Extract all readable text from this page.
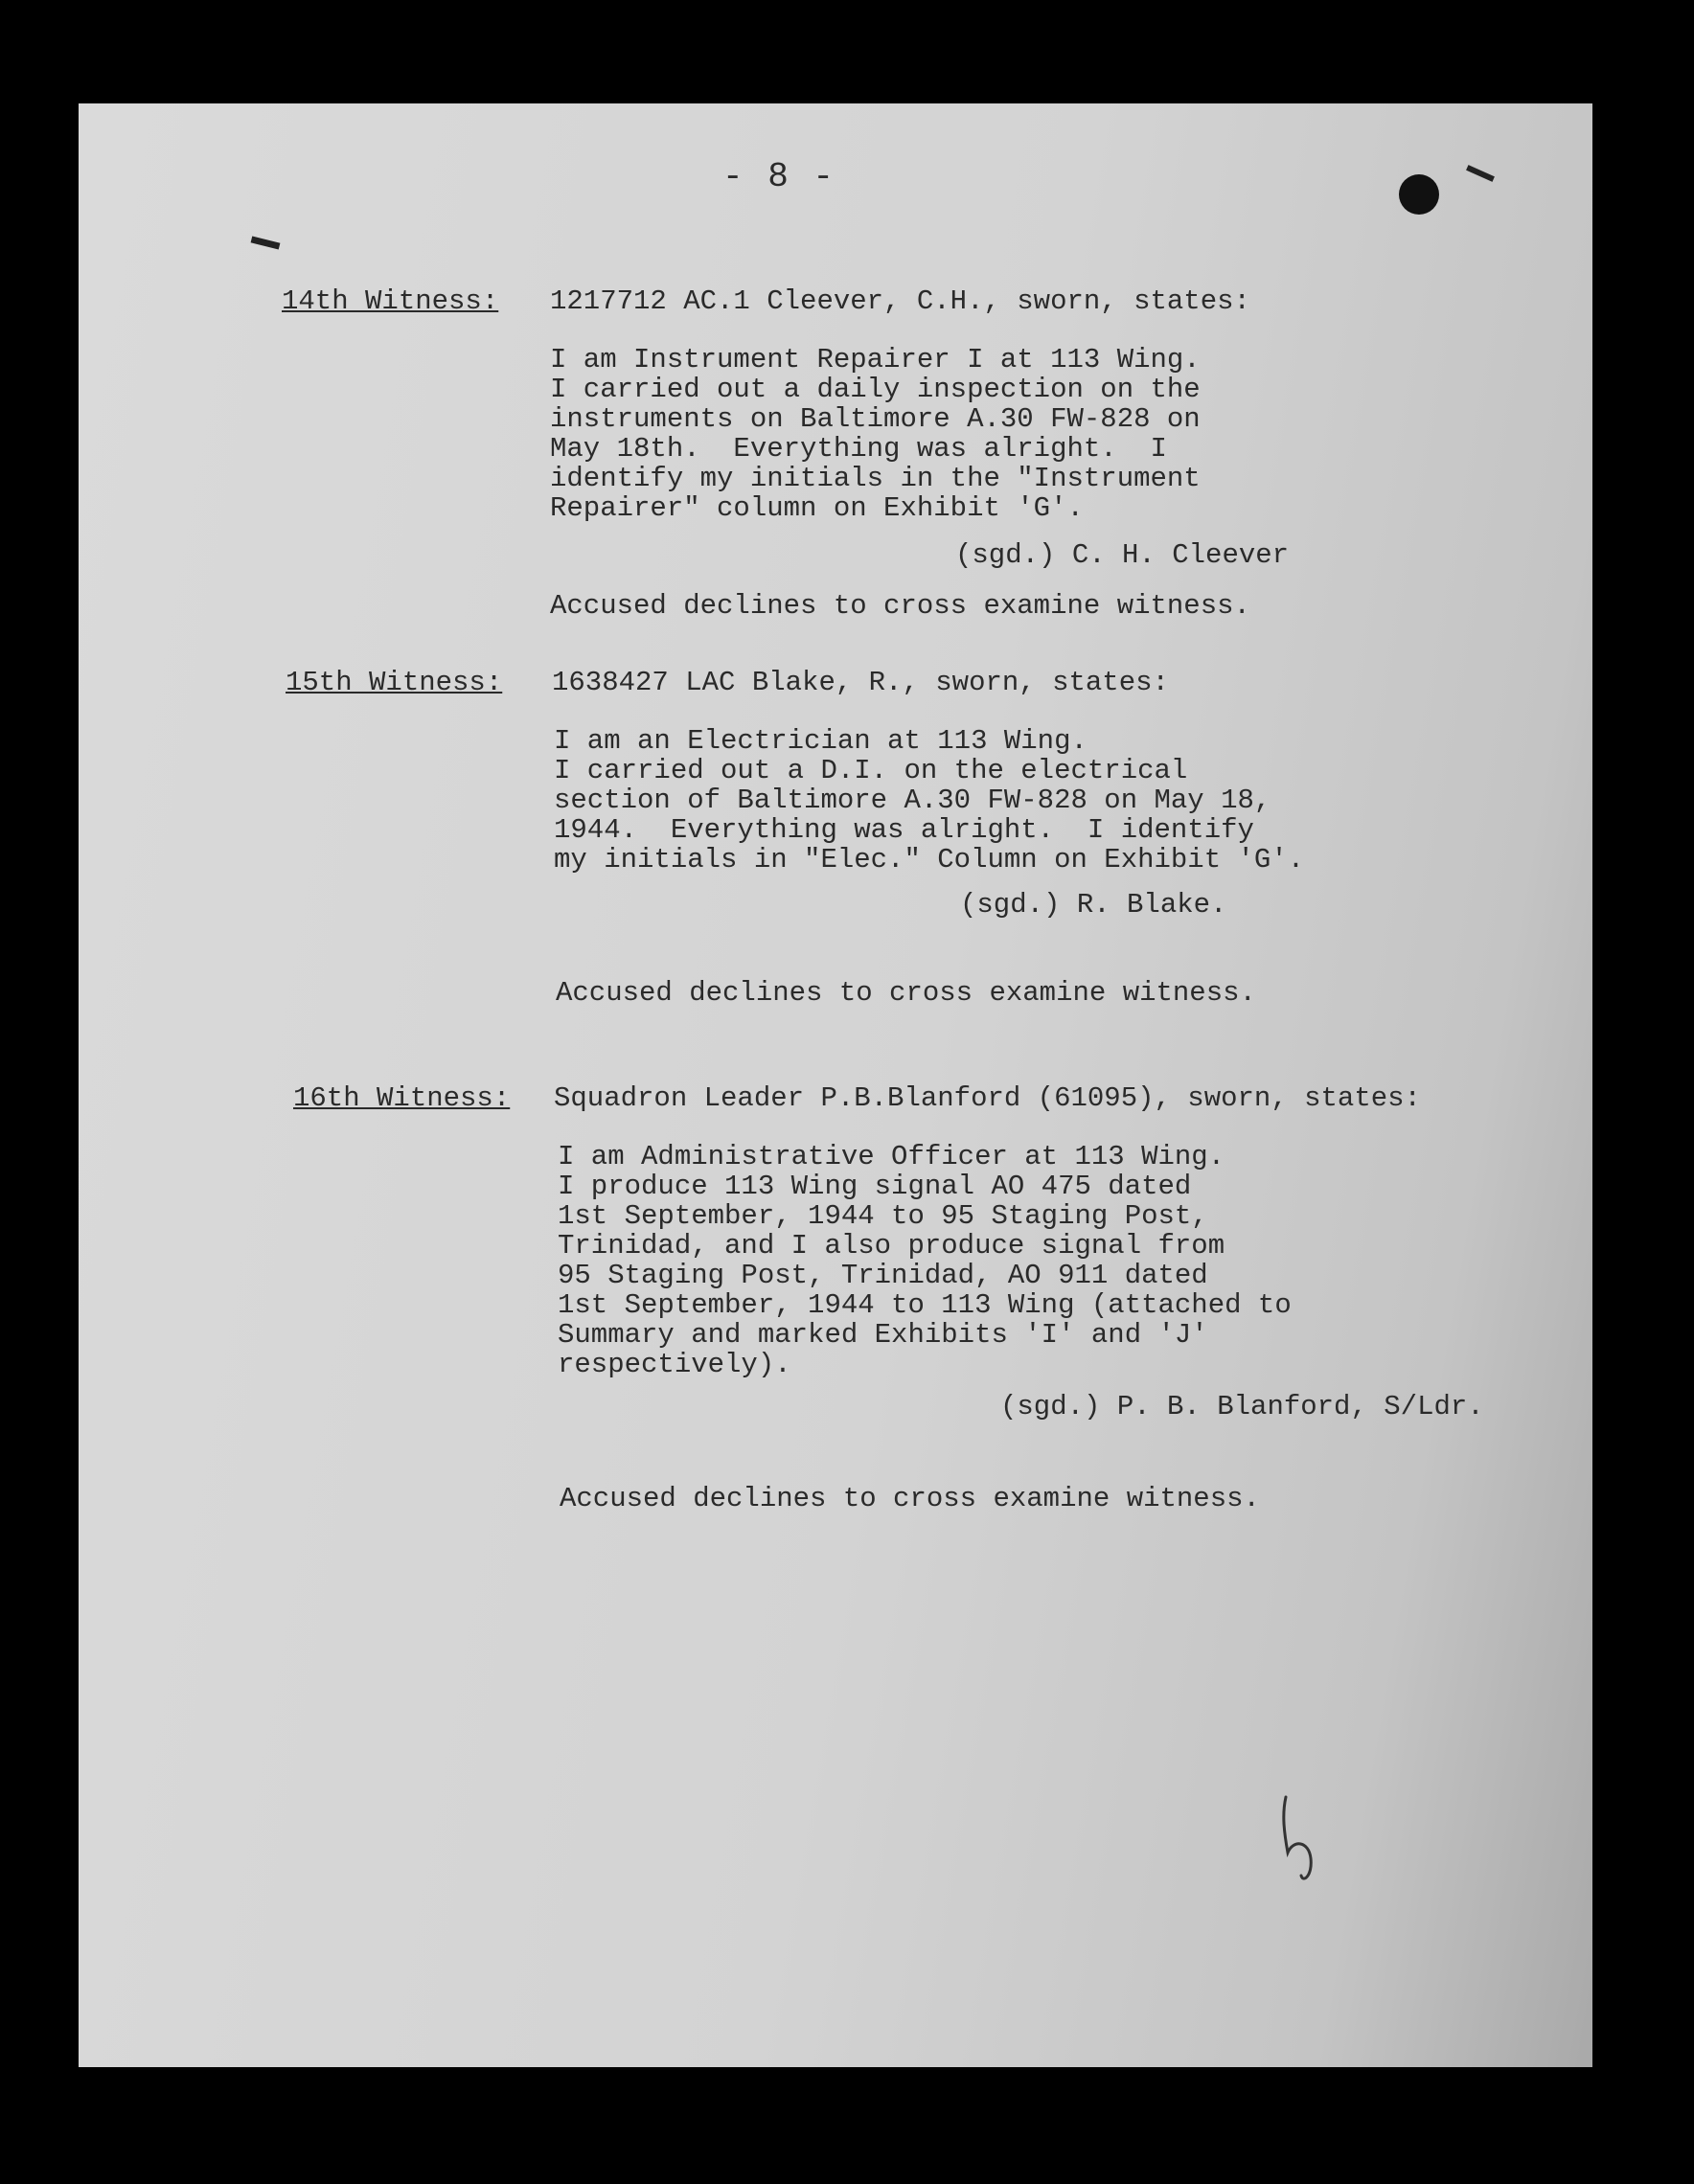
- 8 -
14th Witness: 1217712 AC.1 Cleever, C.H., sworn, states:
I am Instrument Repairer I at 113 Wing.
I carried out a daily inspection on the
instruments on Baltimore A.30 FW-828 on
May 18th.  Everything was alright.  I
identify my initials in the "Instrument
Repairer" column on Exhibit 'G'.
(sgd.) C. H. Cleever
Accused declines to cross examine witness.
15th Witness: 1638427 LAC Blake, R., sworn, states:
I am an Electrician at 113 Wing.
I carried out a D.I. on the electrical
section of Baltimore A.30 FW-828 on May 18,
1944.  Everything was alright.  I identify
my initials in "Elec." Column on Exhibit 'G'.
(sgd.) R. Blake.
Accused declines to cross examine witness.
16th Witness: Squadron Leader P.B.Blanford (61095), sworn, states:
I am Administrative Officer at 113 Wing.
I produce 113 Wing signal AO 475 dated
1st September, 1944 to 95 Staging Post,
Trinidad, and I also produce signal from
95 Staging Post, Trinidad, AO 911 dated
1st September, 1944 to 113 Wing (attached to
Summary and marked Exhibits 'I' and 'J'
respectively).
(sgd.) P. B. Blanford, S/Ldr.
Accused declines to cross examine witness.
